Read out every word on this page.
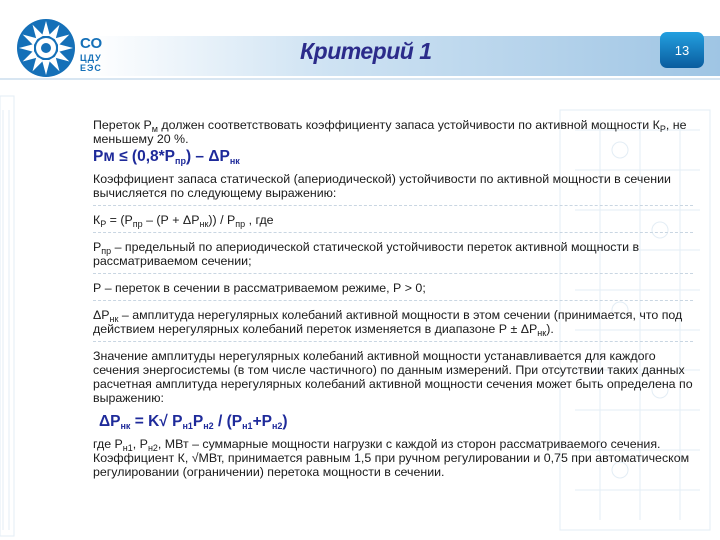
СО
ЦДУ
ЕЭС
Критерий 1	13

Переток $Р_м$ должен соответствовать коэффициенту запаса устойчивости по активной мощности $К_Р$, не меньшему 20 %.

Рм ≤ $(0,8*Р_{пр}) - \Delta Р_{нк}$

Коэффициент запаса статической (апериодической) устойчивости по активной мощности в сечении вычисляется по следующему выражению:

$К_Р = (Р_{пр} - (Р + \Delta Р_{нк})) / Р_{пр}$ , где

$Р_{пр}$ – предельный по апериодической статической устойчивости переток активной мощности в рассматриваемом сечении;

Р – переток в сечении в рассматриваемом режиме, Р > 0;

$\Delta Р_{нк}$ – амплитуда нерегулярных колебаний активной мощности в этом сечении (принимается, что под действием нерегулярных колебаний переток изменяется в диапазоне $Р \pm \Delta Р_{нк}$).

Значение амплитуды нерегулярных колебаний активной мощности устанавливается для каждого сечения энергосистемы (в том числе частичного) по данным измерений. При отсутствии таких данных расчетная амплитуда нерегулярных колебаний активной мощности сечения может быть определена по выражению:

$\Delta Р_{нк} = K√$ $Р_{н1}Р_{н2} / (Р_{н1}+Р_{н2})$

где $Р_{н1}$, $Р_{н2}$, МВт – суммарные мощности нагрузки с каждой из сторон рассматриваемого сечения. Коэффициент К, √МВт, принимается равным 1,5 при ручном регулировании и 0,75 при автоматическом регулировании (ограничении) перетока мощности в сечении.
